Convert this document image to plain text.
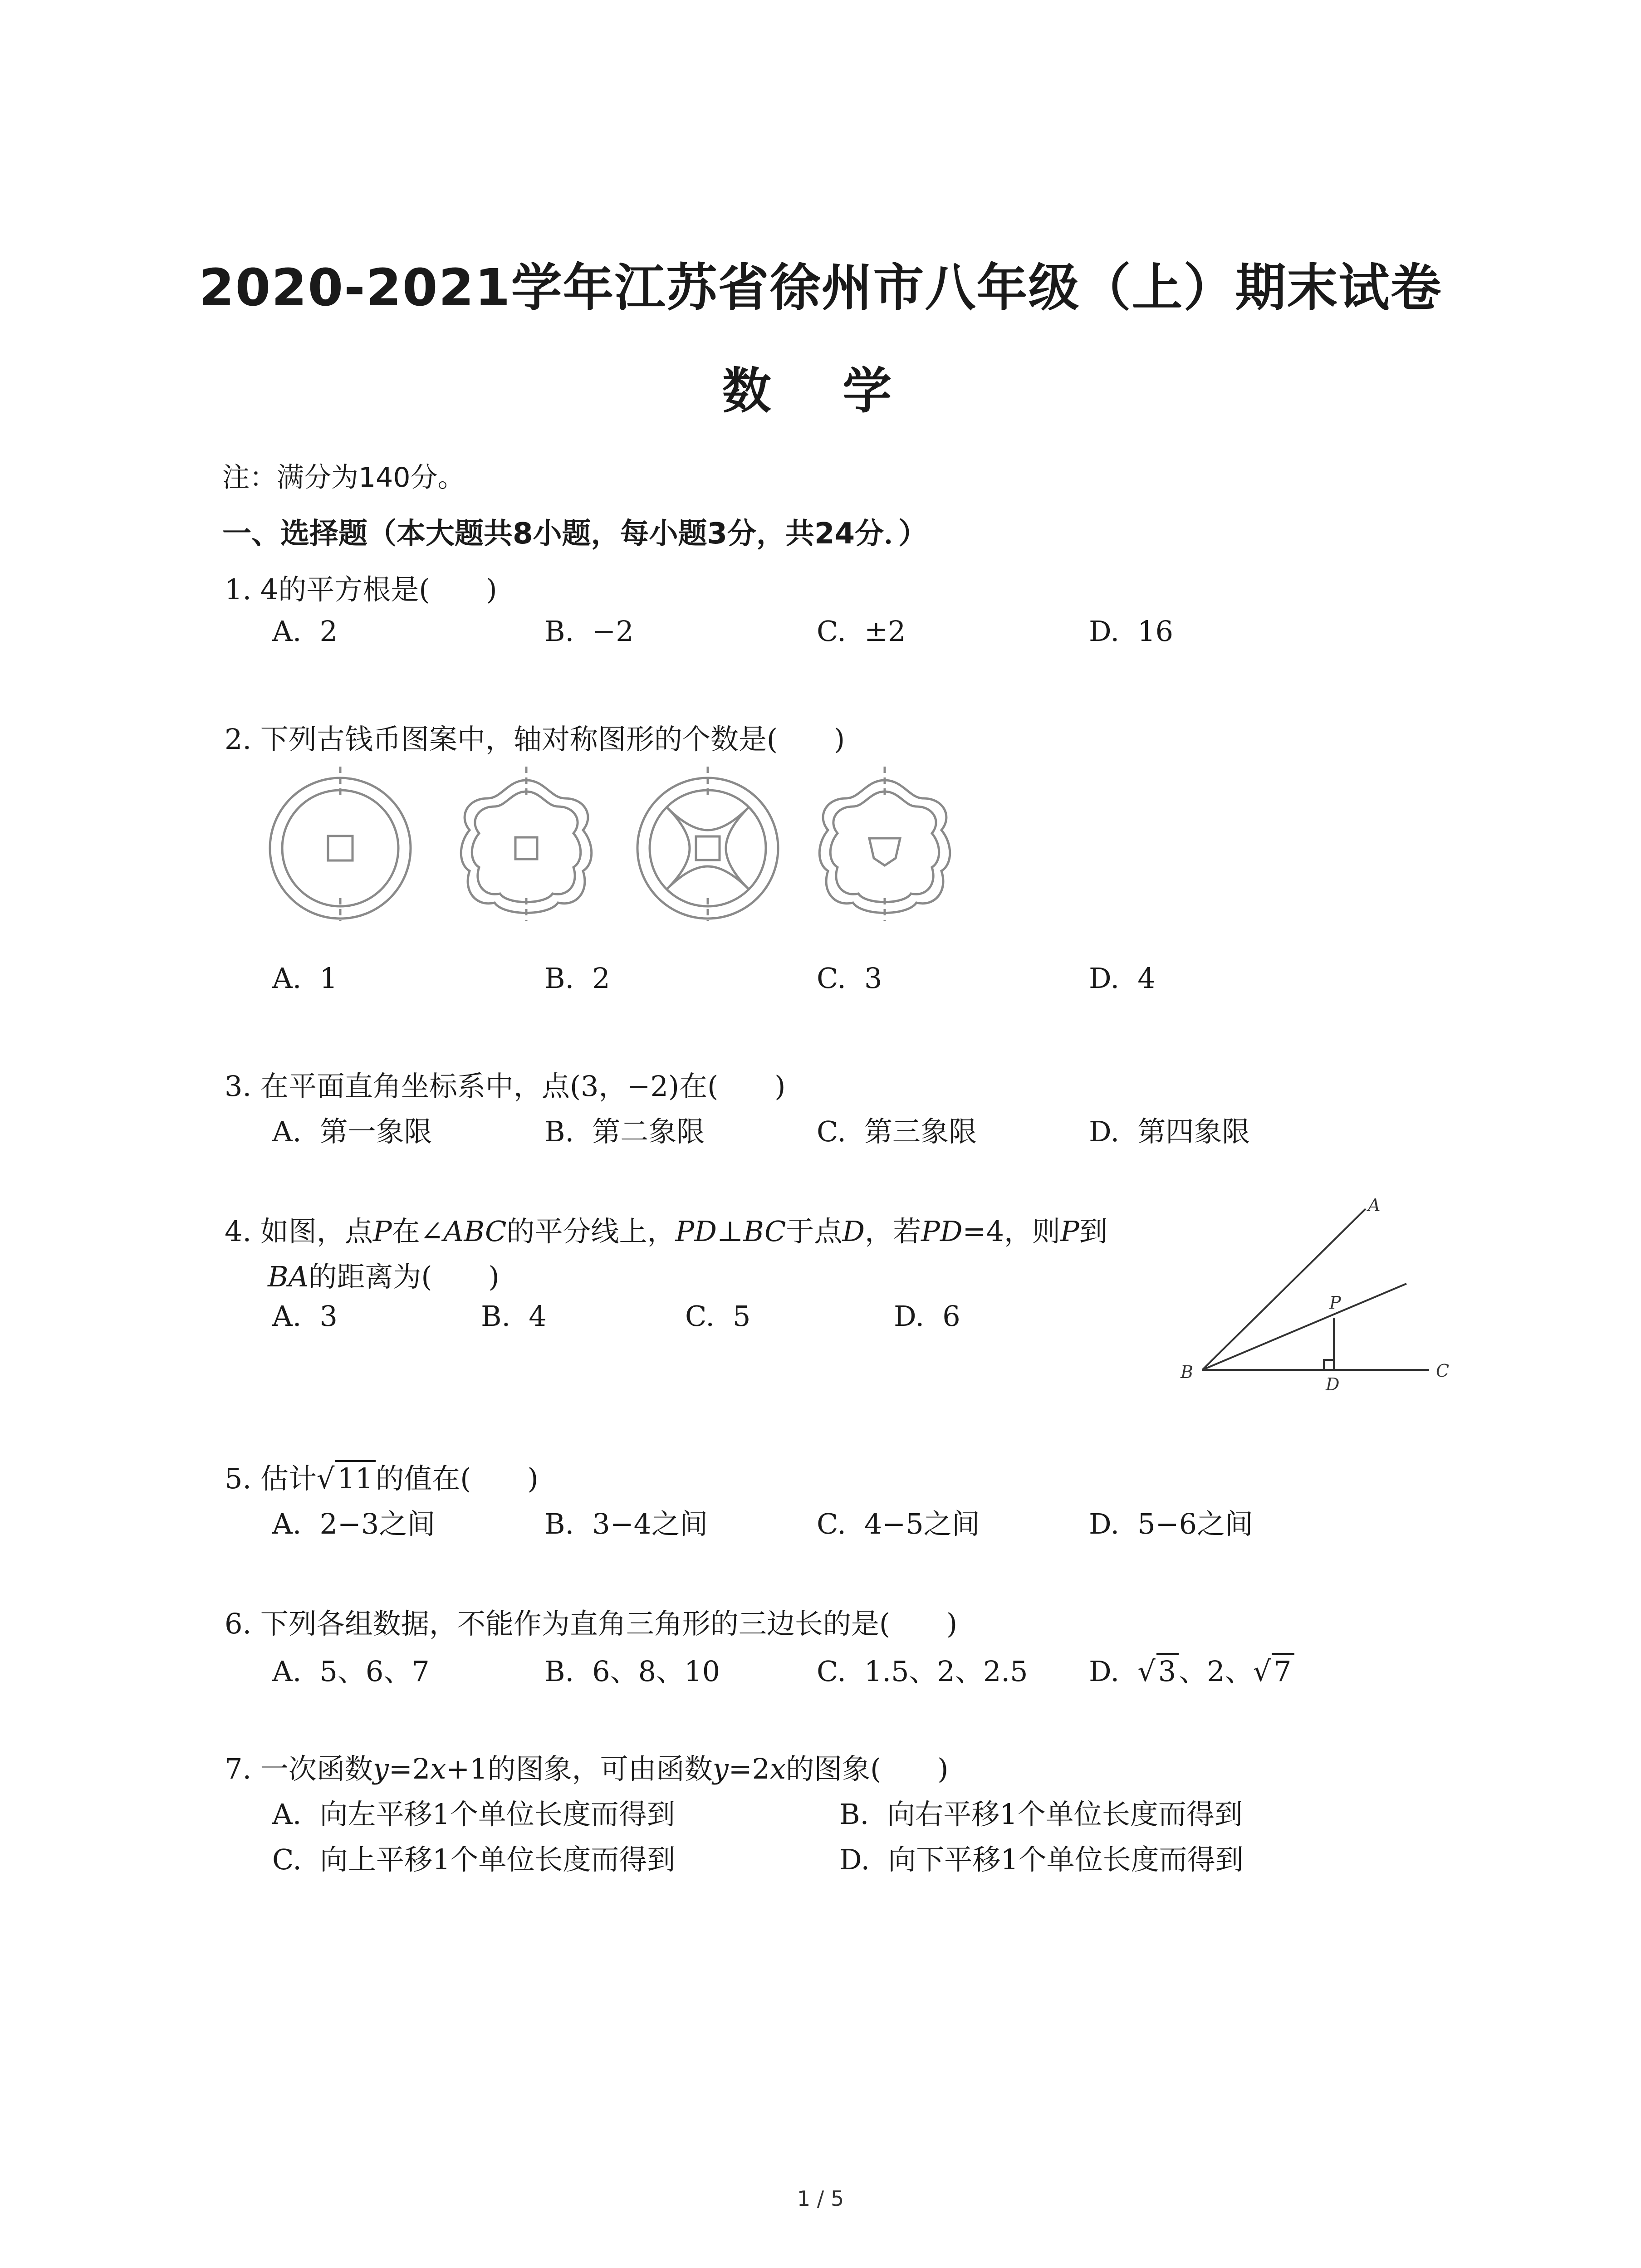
2020-2021学年江苏省徐州市八年级（上）期末试卷
数 学
注：满分为140分。
一、选择题（本大题共8小题，每小题3分，共24分．）
1. 4的平方根是(　　)
A. 2	B. −2	C. ±2	D. 16
2. 下列古钱币图案中，轴对称图形的个数是(　　)
A. 1	B. 2	C. 3	D. 4
3. 在平面直角坐标系中，点(3，−2)在(　　)
A. 第一象限	B. 第二象限	C. 第三象限	D. 第四象限
4. 如图，点P在∠ABC的平分线上，PD⊥BC于点D，若PD=4，则P到
BA的距离为(　　)
A. 3	B. 4	C. 5	D. 6
A
B	C
D
P
5. 估计√11的值在(　　)
A. 2−3之间	B. 3−4之间	C. 4−5之间	D. 5−6之间
6. 下列各组数据，不能作为直角三角形的三边长的是(　　)
A. 5、6、7	B. 6、8、10	C. 1.5、2、2.5 D. √3、2、√7
7. 一次函数y=2x+1的图象，可由函数y=2x的图象(　　)
A. 向左平移1个单位长度而得到	B. 向右平移1个单位长度而得到
C. 向上平移1个单位长度而得到	D. 向下平移1个单位长度而得到
1 / 5
